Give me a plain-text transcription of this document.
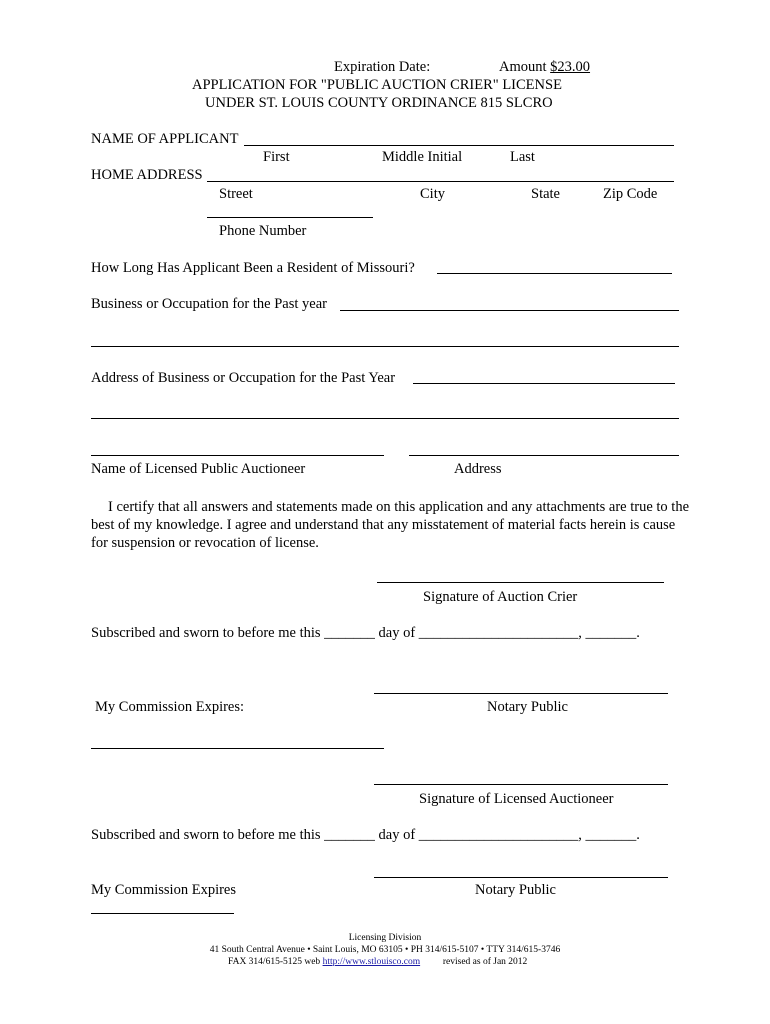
Expiration Date:	Amount $23.00
APPLICATION FOR "PUBLIC AUCTION CRIER" LICENSE
UNDER ST. LOUIS COUNTY ORDINANCE 815 SLCRO
NAME OF APPLICANT
First	Middle Initial	Last
HOME ADDRESS
Street	City	State	Zip Code
Phone Number
How Long Has Applicant Been a Resident of Missouri?
Business or Occupation for the Past year
Address of Business or Occupation for the Past Year
Name of Licensed Public Auctioneer	Address
I certify that all answers and statements made on this application and any attachments are true to the best of my knowledge. I agree and understand that any misstatement of material facts herein is cause for suspension or revocation of license.
Signature of Auction Crier
Subscribed and sworn to before me this _______ day of ______________________, _______.
My Commission Expires:	Notary Public
Signature of Licensed Auctioneer
Subscribed and sworn to before me this _______ day of ______________________, _______.
My Commission Expires	Notary Public
Licensing Division
41 South Central Avenue • Saint Louis, MO 63105 • PH 314/615-5107 • TTY 314/615-3746
FAX 314/615-5125 web http://www.stlouisco.com revised as of Jan 2012
